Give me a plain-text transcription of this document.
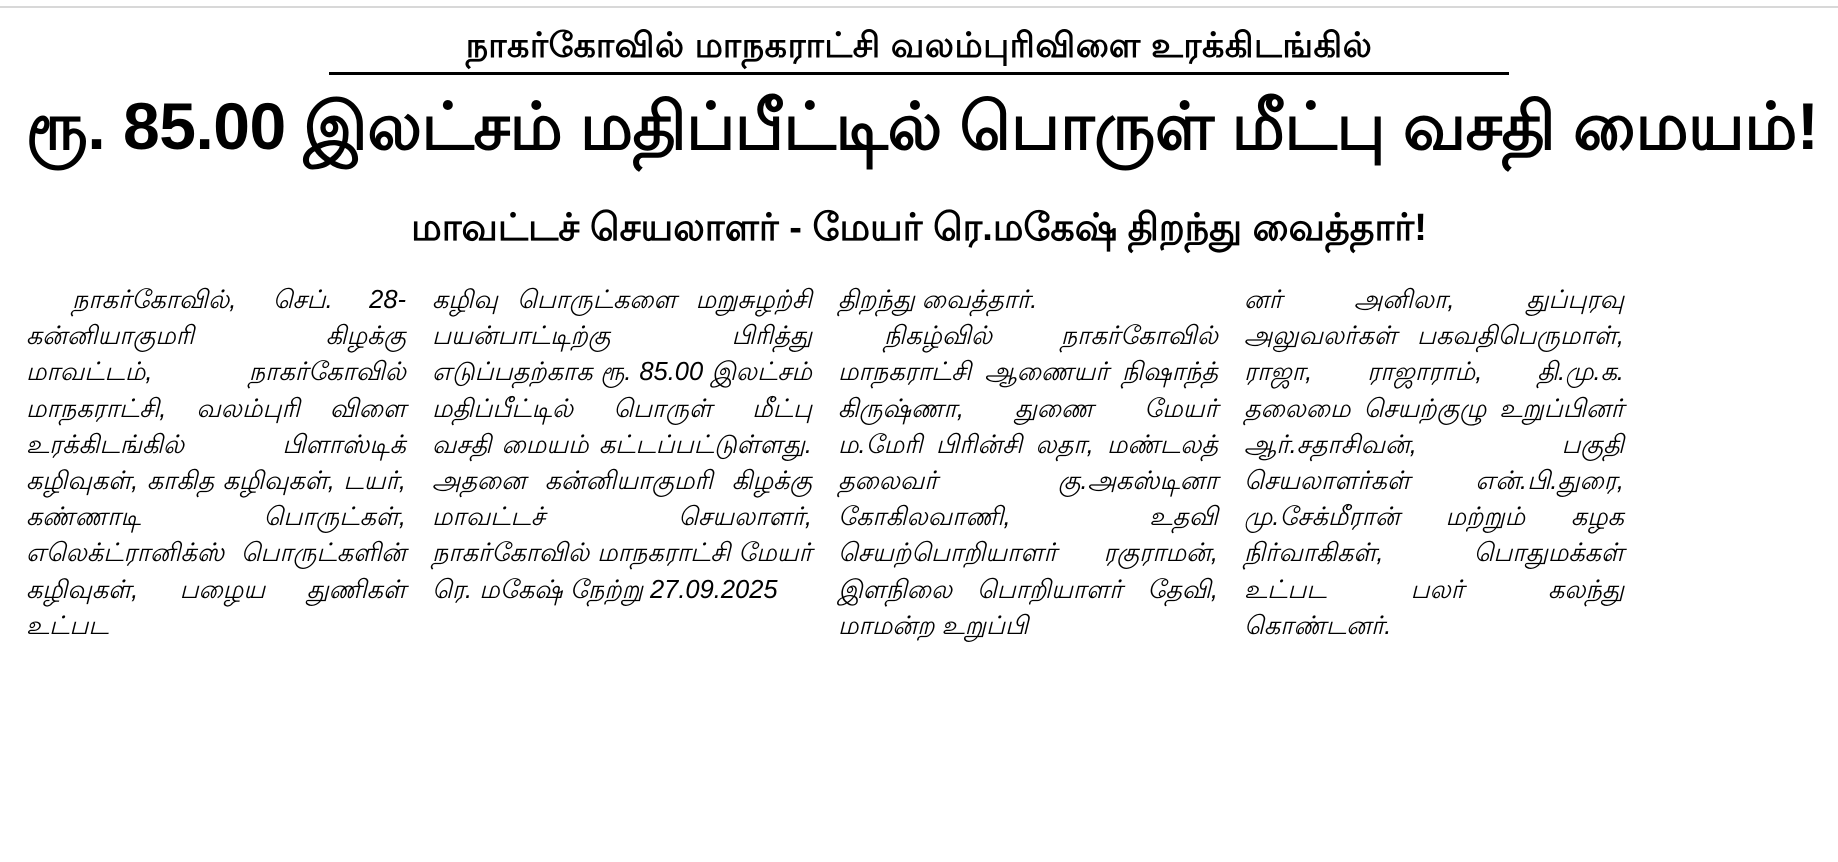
நாகர்கோவில் மாநகராட்சி வலம்புரிவிளை உரக்கிடங்கில்
ரூ. 85.00 இலட்சம் மதிப்பீட்டில் பொருள் மீட்பு வசதி மையம்!
மாவட்டச் செயலாளர் - மேயர் ரெ.மகேஷ் திறந்து வைத்தார்!

நாகர்கோவில், செப். 28- கன்னியாகுமரி கிழக்கு மாவட்டம், நாகர்கோவில் மாநகராட்சி, வலம்புரி விளை உரக்கிடங்கில் பிளாஸ்டிக் கழிவுகள், காகித கழிவுகள், டயர், கண்ணாடி பொருட்கள், எலெக்ட்ரானிக்ஸ் பொருட்களின் கழிவுகள், பழைய துணிகள் உட்பட

கழிவு பொருட்களை மறுசுழற்சி பயன்பாட்டிற்கு பிரித்து எடுப்பதற்காக ரூ. 85.00 இலட்சம் மதிப்பீட்டில் பொருள் மீட்பு வசதி மையம் கட்டப்பட்டுள்ளது. அதனை கன்னியாகுமரி கிழக்கு மாவட்டச் செயலாளர், நாகர்கோவில் மாநகராட்சி மேயர் ரெ. மகேஷ் நேற்று 27.09.2025

திறந்து வைத்தார்.

நிகழ்வில் நாகர்கோவில் மாநகராட்சி ஆணையர் நிஷாந்த் கிருஷ்ணா, துணை மேயர் ம.மேரி பிரின்சி லதா, மண்டலத் தலைவர் கு.அகஸ்டினா கோகிலவாணி, உதவி செயற்பொறியாளர் ரகுராமன், இளநிலை பொறியாளர் தேவி, மாமன்ற உறுப்பி

னர் அனிலா, துப்புரவு அலுவலர்கள் பகவதிபெருமாள், ராஜா, ராஜாராம், தி.மு.க. தலைமை செயற்குழு உறுப்பினர் ஆர்.சதாசிவன், பகுதி செயலாளர்கள் என்.பி.துரை, மு.சேக்மீரான் மற்றும் கழக நிர்வாகிகள், பொதுமக்கள் உட்பட பலர் கலந்து கொண்டனர்.
